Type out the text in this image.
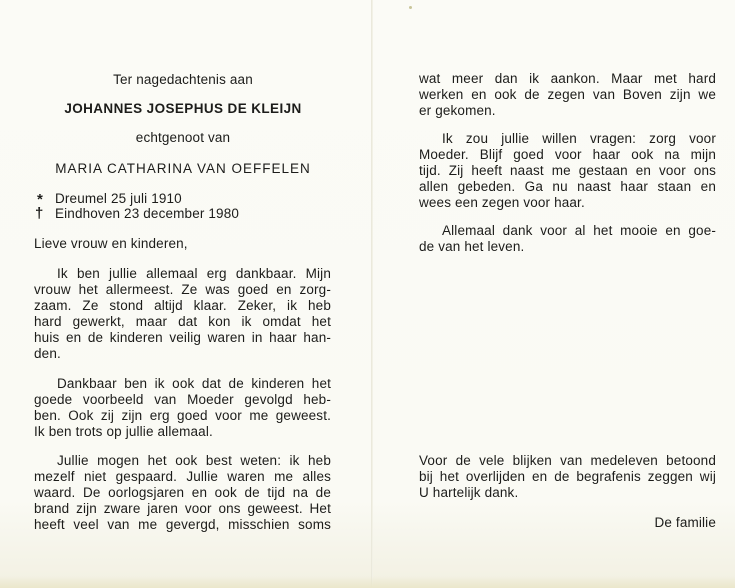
Ter nagedachtenis aan
JOHANNES JOSEPHUS DE KLEIJN
echtgenoot van
MARIA CATHARINA VAN OEFFELEN
* Dreumel 25 juli 1910
† Eindhoven 23 december 1980
Lieve vrouw en kinderen,
Ik ben jullie allemaal erg dankbaar. Mijn
vrouw het allermeest. Ze was goed en zorg-
zaam. Ze stond altijd klaar. Zeker, ik heb
hard gewerkt, maar dat kon ik omdat het
huis en de kinderen veilig waren in haar han-
den.
Dankbaar ben ik ook dat de kinderen het
goede voorbeeld van Moeder gevolgd heb-
ben. Ook zij zijn erg goed voor me geweest.
Ik ben trots op jullie allemaal.
Jullie mogen het ook best weten: ik heb
mezelf niet gespaard. Jullie waren me alles
waard. De oorlogsjaren en ook de tijd na de
brand zijn zware jaren voor ons geweest. Het
heeft veel van me gevergd, misschien soms
wat meer dan ik aankon. Maar met hard
werken en ook de zegen van Boven zijn we
er gekomen.
Ik zou jullie willen vragen: zorg voor
Moeder. Blijf goed voor haar ook na mijn
tijd. Zij heeft naast me gestaan en voor ons
allen gebeden. Ga nu naast haar staan en
wees een zegen voor haar.
Allemaal dank voor al het mooie en goe-
de van het leven.
Voor de vele blijken van medeleven betoond
bij het overlijden en de begrafenis zeggen wij
U hartelijk dank.
De familie
